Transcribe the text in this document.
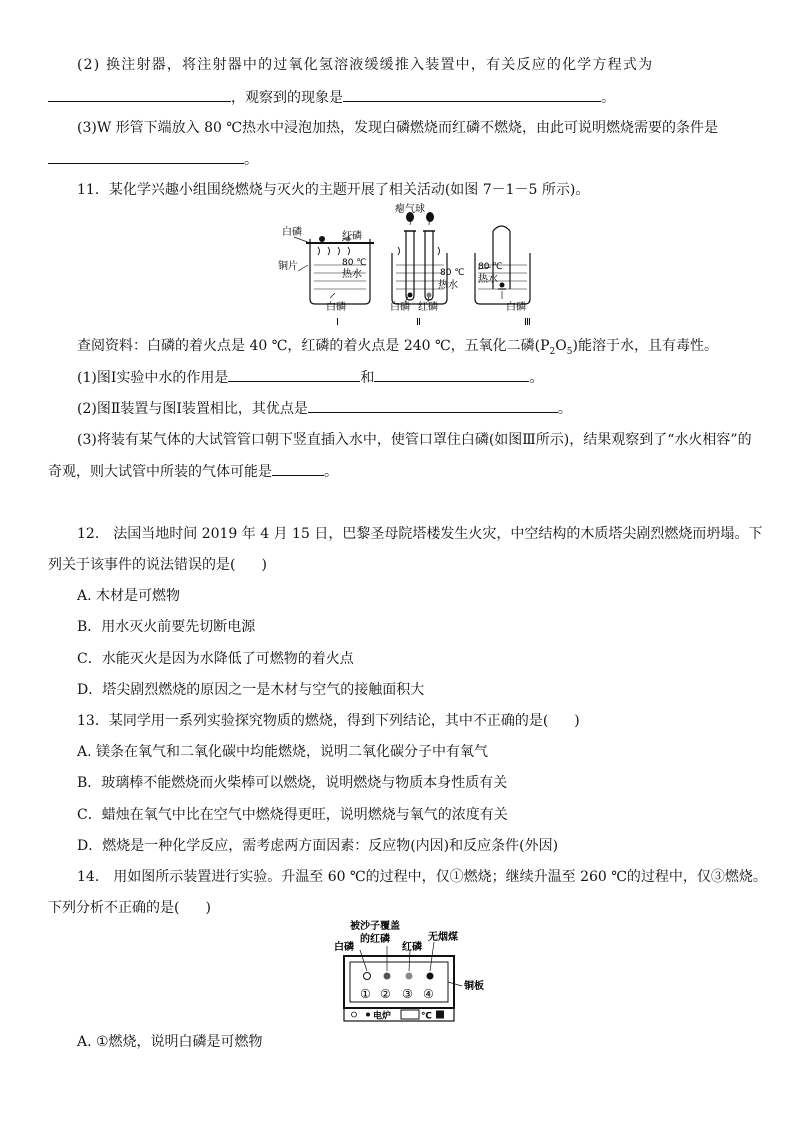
(2) 换注射器，将注射器中的过氧化氢溶液缓缓推入装置中，有关反应的化学方程式为
，观察到的现象是	。
(3)W 形管下端放入 80 ℃热水中浸泡加热，发现白磷燃烧而红磷不燃烧，由此可说明燃烧需要的条件是
。
11．某化学兴趣小组围绕燃烧与灭火的主题开展了相关活动(如图 7－1－5 所示)。
白磷	红磷
铜片	80 ℃
热水
白磷
Ⅰ
瘪气球
80 ℃
热水
白磷 红磷
Ⅱ
80 ℃
热水
白磷
Ⅲ
查阅资料：白磷的着火点是 40 ℃，红磷的着火点是 240 ℃，五氧化二磷$(P_2O_5)$能溶于水，且有毒性。
(1)图Ⅰ实验中水的作用是	和	。
(2)图Ⅱ装置与图Ⅰ装置相比，其优点是	。
(3)将装有某气体的大试管管口朝下竖直插入水中，使管口罩住白磷(如图Ⅲ所示)，结果观察到了“水火相容”的
奇观，则大试管中所装的气体可能是	。
12． 法国当地时间 2019 年 4 月 15 日，巴黎圣母院塔楼发生火灾，中空结构的木质塔尖剧烈燃烧而坍塌。下
列关于该事件的说法错误的是( )
A. 木材是可燃物
B．用水灭火前要先切断电源
C．水能灭火是因为水降低了可燃物的着火点
D．塔尖剧烈燃烧的原因之一是木材与空气的接触面积大
13．某同学用一系列实验探究物质的燃烧，得到下列结论，其中不正确的是( )
A. 镁条在氧气和二氧化碳中均能燃烧，说明二氧化碳分子中有氧气
B．玻璃棒不能燃烧而火柴棒可以燃烧，说明燃烧与物质本身性质有关
C．蜡烛在氧气中比在空气中燃烧得更旺，说明燃烧与氧气的浓度有关
D．燃烧是一种化学反应，需考虑两方面因素：反应物(内因)和反应条件(外因)
14． 用如图所示装置进行实验。升温至 60 ℃的过程中，仅①燃烧；继续升温至 260 ℃的过程中，仅③燃烧。
下列分析不正确的是( )
被沙子覆盖
的红磷
白磷	红磷
无烟煤
铜板
① ② ③ ④
电炉	℃
A. ①燃烧，说明白磷是可燃物
